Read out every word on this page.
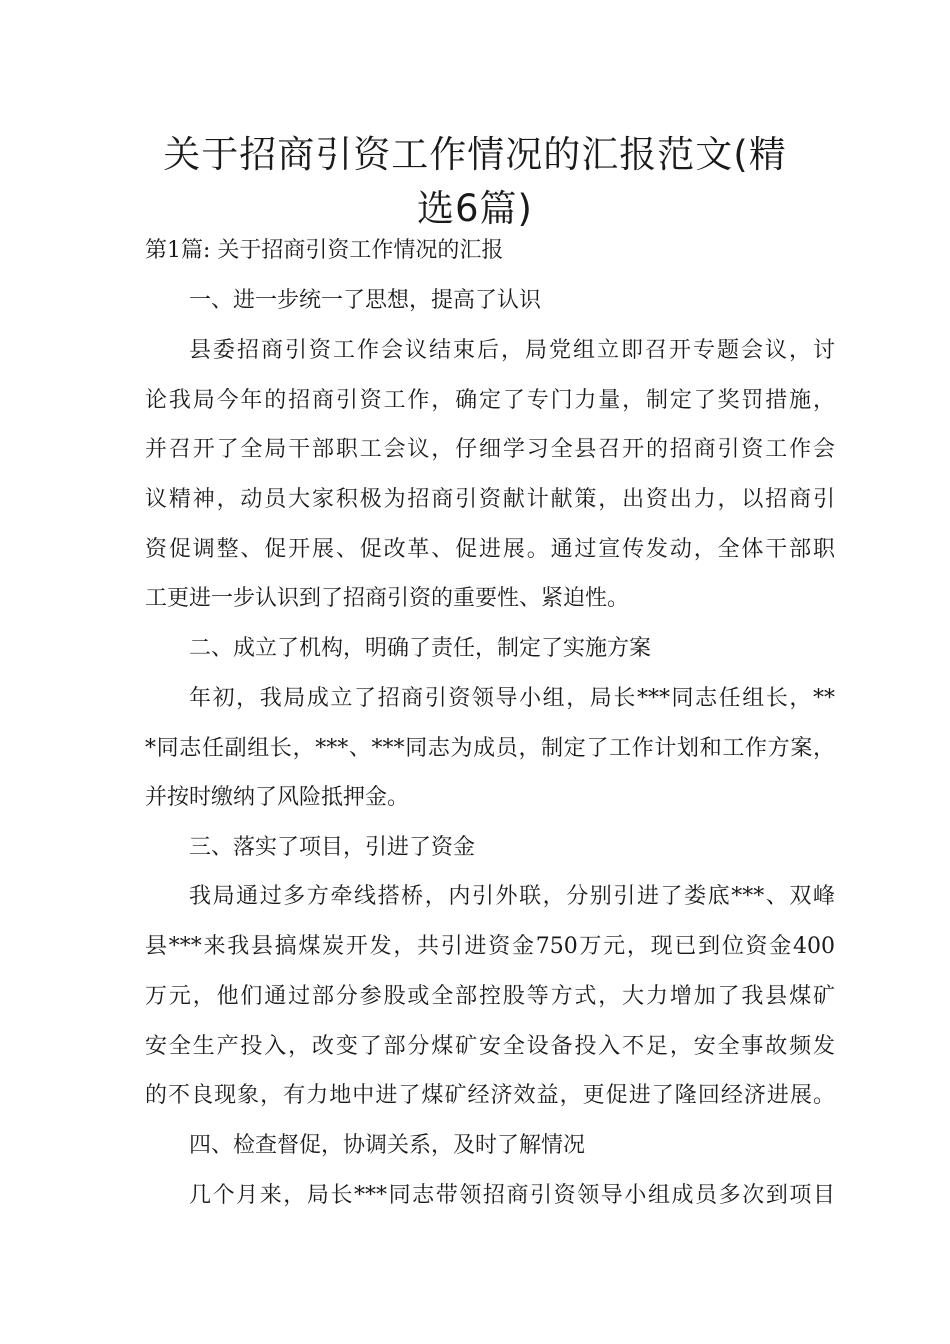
关于招商引资工作情况的汇报范文(精
选6篇)

第1篇: 关于招商引资工作情况的汇报

一、进一步统一了思想，提高了认识

县委招商引资工作会议结束后，局党组立即召开专题会议，讨

论我局今年的招商引资工作，确定了专门力量，制定了奖罚措施，

并召开了全局干部职工会议，仔细学习全县召开的招商引资工作会

议精神，动员大家积极为招商引资献计献策，出资出力，以招商引

资促调整、促开展、促改革、促进展。通过宣传发动，全体干部职

工更进一步认识到了招商引资的重要性、紧迫性。

二、成立了机构，明确了责任，制定了实施方案

年初，我局成立了招商引资领导小组，局长***同志任组长，**

*同志任副组长，***、***同志为成员，制定了工作计划和工作方案，

并按时缴纳了风险抵押金。

三、落实了项目，引进了资金

我局通过多方牵线搭桥，内引外联，分别引进了娄底***、双峰

县***来我县搞煤炭开发，共引进资金750万元，现已到位资金400

万元，他们通过部分参股或全部控股等方式，大力增加了我县煤矿

安全生产投入，改变了部分煤矿安全设备投入不足，安全事故频发

的不良现象，有力地中进了煤矿经济效益，更促进了隆回经济进展。

四、检查督促，协调关系，及时了解情况

几个月来，局长***同志带领招商引资领导小组成员多次到项目
